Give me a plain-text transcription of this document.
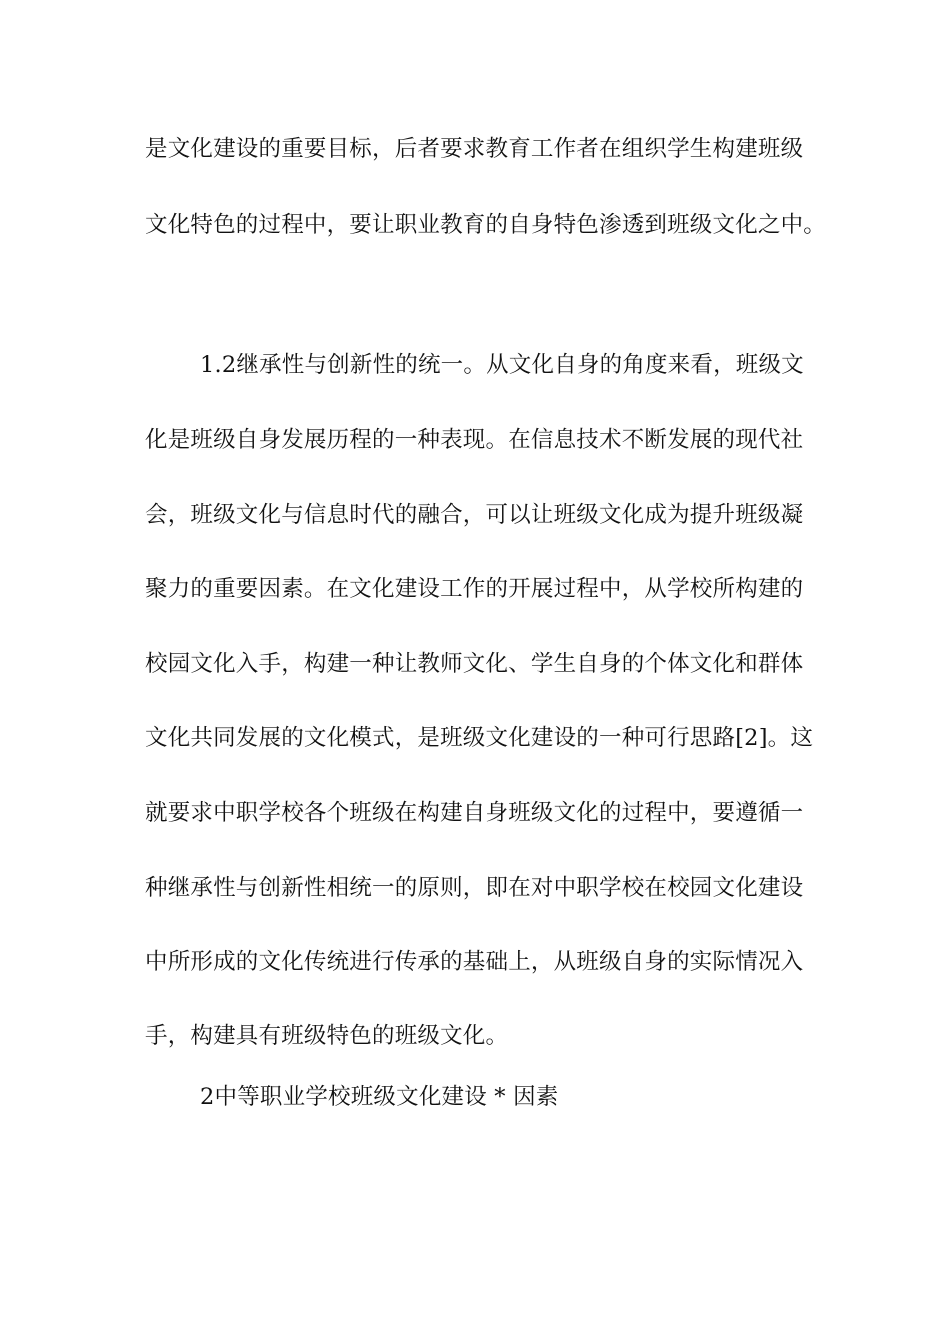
是文化建设的重要目标，后者要求教育工作者在组织学生构建班级
文化特色的过程中，要让职业教育的自身特色渗透到班级文化之中。
1.2继承性与创新性的统一。从文化自身的角度来看，班级文
化是班级自身发展历程的一种表现。在信息技术不断发展的现代社
会，班级文化与信息时代的融合，可以让班级文化成为提升班级凝
聚力的重要因素。在文化建设工作的开展过程中，从学校所构建的
校园文化入手，构建一种让教师文化、学生自身的个体文化和群体
文化共同发展的文化模式，是班级文化建设的一种可行思路[2]。这
就要求中职学校各个班级在构建自身班级文化的过程中，要遵循一
种继承性与创新性相统一的原则，即在对中职学校在校园文化建设
中所形成的文化传统进行传承的基础上，从班级自身的实际情况入
手，构建具有班级特色的班级文化。
2中等职业学校班级文化建设 * 因素
